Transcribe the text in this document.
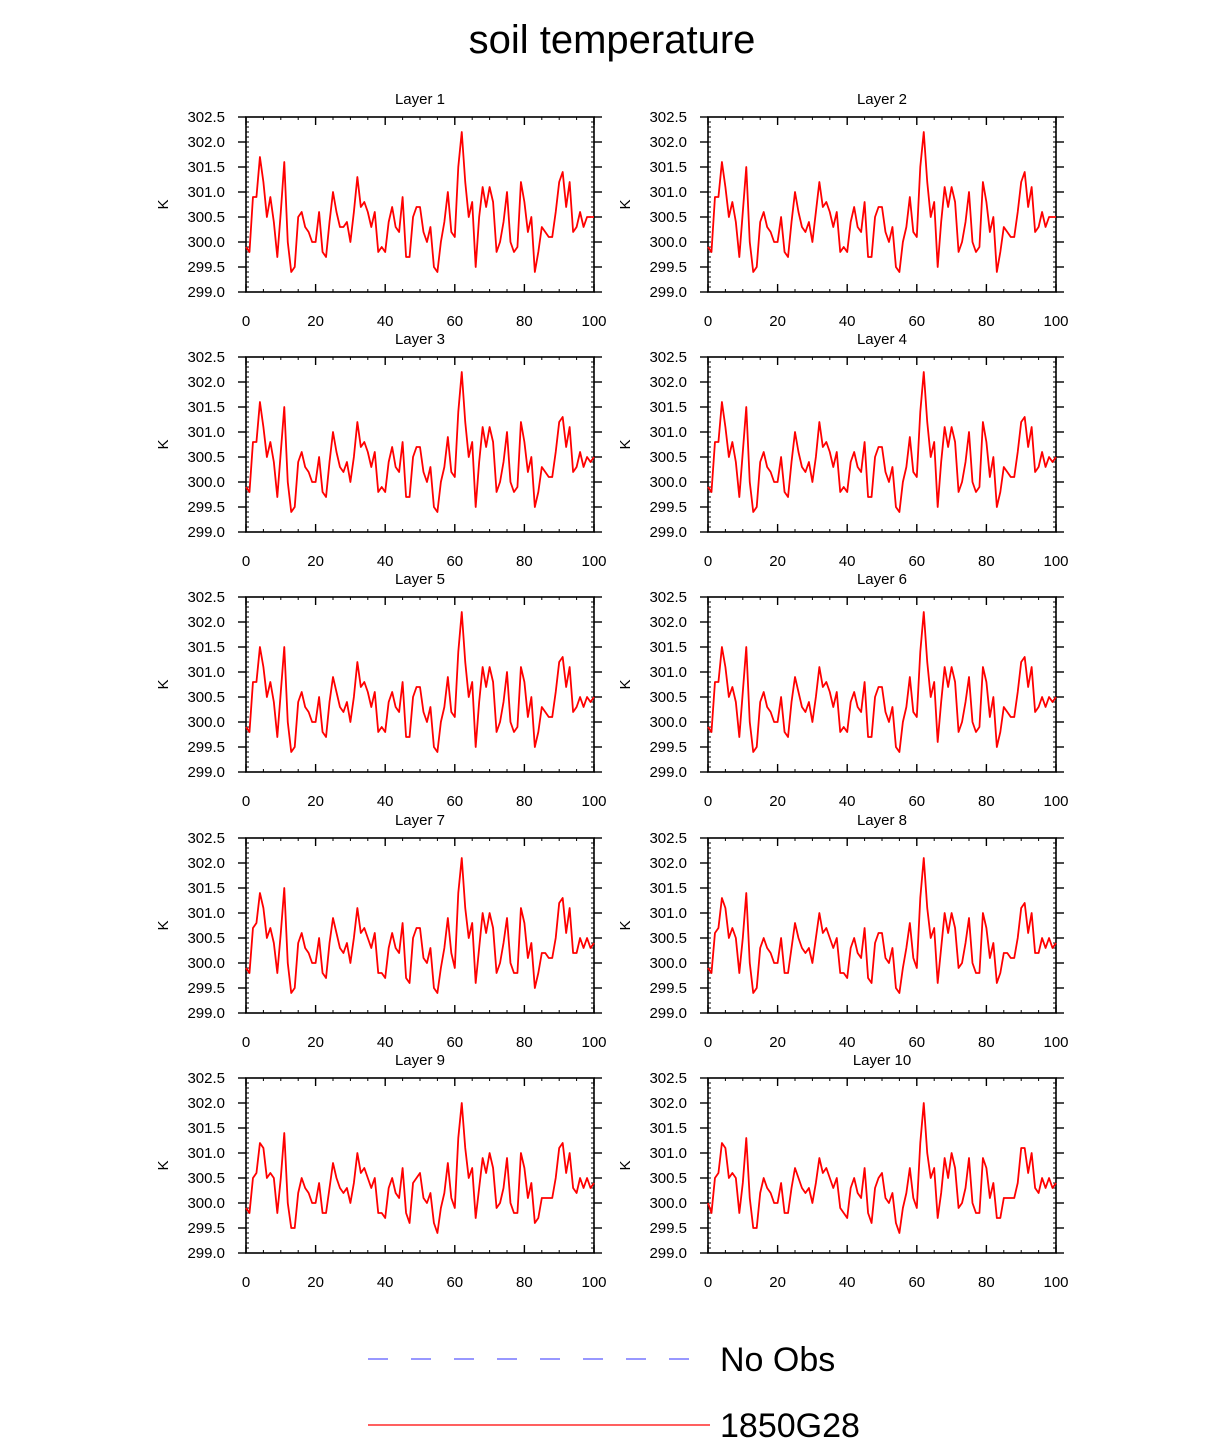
soil temperature
Layer 1
K
0	20	40	60	80	100
299.0
299.5
300.0
300.5
301.0
301.5
302.0
302.5
Layer 2
K
0	20	40	60	80	100
299.0
299.5
300.0
300.5
301.0
301.5
302.0
302.5
Layer 3
K
0	20	40	60	80	100
299.0
299.5
300.0
300.5
301.0
301.5
302.0
302.5
Layer 4
K
0	20	40	60	80	100
299.0
299.5
300.0
300.5
301.0
301.5
302.0
302.5
Layer 5
K
0	20	40	60	80	100
299.0
299.5
300.0
300.5
301.0
301.5
302.0
302.5
Layer 6
K
0	20	40	60	80	100
299.0
299.5
300.0
300.5
301.0
301.5
302.0
302.5
Layer 7
K
0	20	40	60	80	100
299.0
299.5
300.0
300.5
301.0
301.5
302.0
302.5
Layer 8
K
0	20	40	60	80	100
299.0
299.5
300.0
300.5
301.0
301.5
302.0
302.5
Layer 9
K
0	20	40	60	80	100
299.0
299.5
300.0
300.5
301.0
301.5
302.0
302.5
Layer 10
K
0	20	40	60	80	100
299.0
299.5
300.0
300.5
301.0
301.5
302.0
302.5
No Obs
1850G28
